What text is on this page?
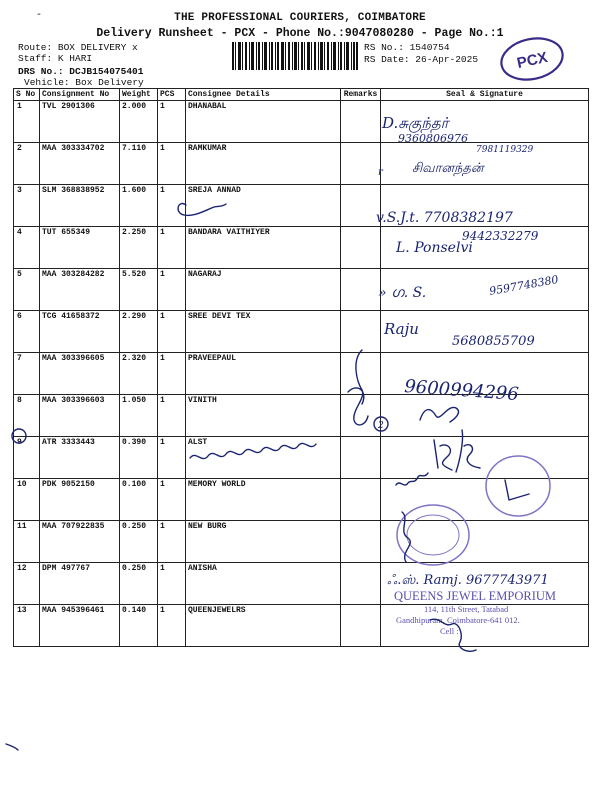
-	THE PROFESSIONAL COURIERS, COIMBATORE
Delivery Runsheet - PCX - Phone No.:9047080280 - Page No.:1
Route: BOX DELIVERY x
Staff: K HARI
DRS No.: DCJB154075401
Vehicle: Box Delivery
RS No.: 1540754
RS Date: 26-Apr-2025 PCX
S No	Consignment No	Weight	PCS	Consignee Details	Remarks	Seal & Signature
1	TVL 2901306	2.000	1	DHANABAL		
2	MAA 303334702	7.110	1	RAMKUMAR		
3	SLM 368838952	1.600	1	SREJA ANNAD		
4	TUT 655349	2.250	1	BANDARA VAITHIYER		
5	MAA 303284282	5.520	1	NAGARAJ		
6	TCG 41658372	2.290	1	SREE DEVI TEX		
7	MAA 303396605	2.320	1	PRAVEEPAUL		
8	MAA 303396603	1.050	1	VINITH		
9	ATR 3333443	0.390	1	ALST		
10	PDK 9052150	0.100	1	MEMORY WORLD		
11	MAA 707922835	0.250	1	NEW BURG		
12	DPM 497767	0.250	1	ANISHA		
13	MAA 945396461	0.140	1	QUEENJEWELRS		
D.சுகுந்தர்
9360806976
7981119329
சிவானந்தன்
r
v.S.J.t. 7708382197
9442332279
L. Ponselvi
» ഗ. S.	9597748380
Raju
5680855709
9600994296
2
ஃ.ஸ். Ramj. 9677743971
QUEENS JEWEL EMPORIUM
114, 11th Street, Tatabad
Gandhipuram, Coimbatore-641 012.
Cell :
